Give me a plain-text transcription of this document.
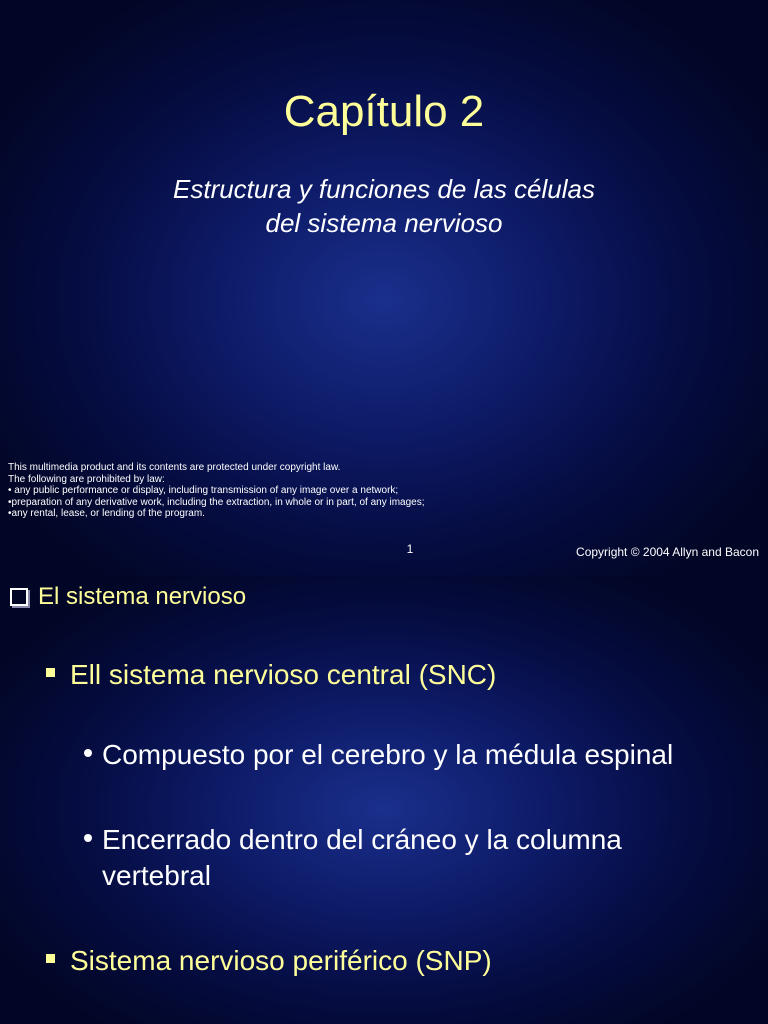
Capítulo 2
Estructura y funciones de las células
del sistema nervioso
This multimedia product and its contents are protected under copyright law.
The following are prohibited by law:
• any public performance or display, including transmission of any image over a network;
•preparation of any derivative work, including the extraction, in whole or in part, of any images;
•any rental, lease, or lending of the program.
1	Copyright © 2004 Allyn and Bacon
El sistema nervioso
Ell sistema nervioso central (SNC)
Compuesto por el cerebro y la médula espinal
Encerrado dentro del cráneo y la columna vertebral
Sistema nervioso periférico (SNP)
